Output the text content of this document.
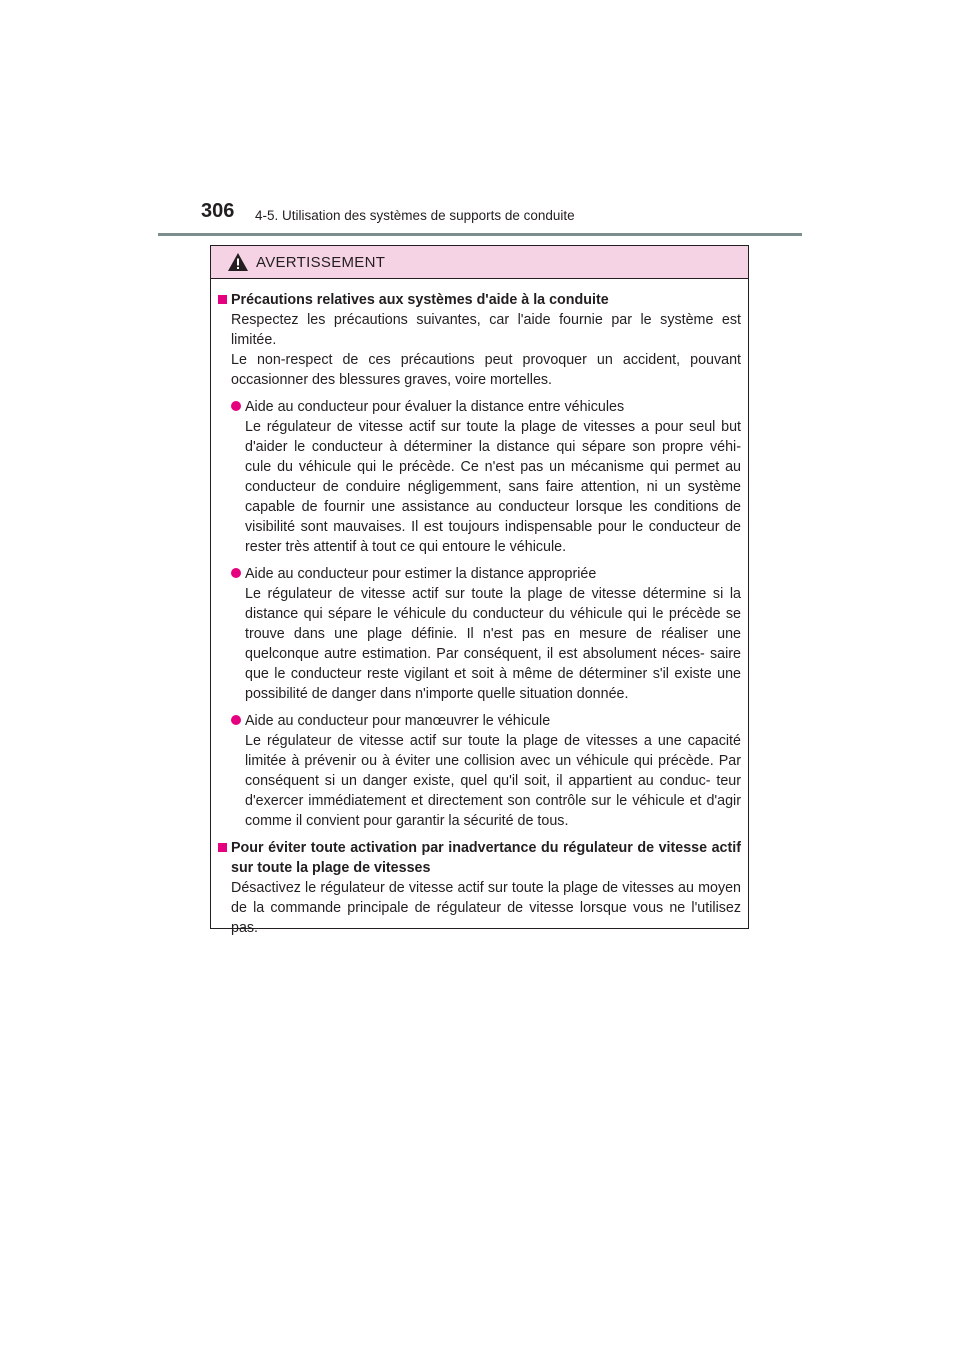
306 4-5. Utilisation des systèmes de supports de conduite
AVERTISSEMENT
Précautions relatives aux systèmes d'aide à la conduite
Respectez les précautions suivantes, car l'aide fournie par le système est limitée.
Le non-respect de ces précautions peut provoquer un accident, pouvant occasionner des blessures graves, voire mortelles.
Aide au conducteur pour évaluer la distance entre véhicules
Le régulateur de vitesse actif sur toute la plage de vitesses a pour seul but d'aider le conducteur à déterminer la distance qui sépare son propre véhi- cule du véhicule qui le précède. Ce n'est pas un mécanisme qui permet au conducteur de conduire négligemment, sans faire attention, ni un système capable de fournir une assistance au conducteur lorsque les conditions de visibilité sont mauvaises. Il est toujours indispensable pour le conducteur de rester très attentif à tout ce qui entoure le véhicule.
Aide au conducteur pour estimer la distance appropriée
Le régulateur de vitesse actif sur toute la plage de vitesse détermine si la distance qui sépare le véhicule du conducteur du véhicule qui le précède se trouve dans une plage définie. Il n'est pas en mesure de réaliser une quelconque autre estimation. Par conséquent, il est absolument néces- saire que le conducteur reste vigilant et soit à même de déterminer s'il existe une possibilité de danger dans n'importe quelle situation donnée.
Aide au conducteur pour manœuvrer le véhicule
Le régulateur de vitesse actif sur toute la plage de vitesses a une capacité limitée à prévenir ou à éviter une collision avec un véhicule qui précède. Par conséquent si un danger existe, quel qu'il soit, il appartient au conduc- teur d'exercer immédiatement et directement son contrôle sur le véhicule et d'agir comme il convient pour garantir la sécurité de tous.
Pour éviter toute activation par inadvertance du régulateur de vitesse actif sur toute la plage de vitesses
Désactivez le régulateur de vitesse actif sur toute la plage de vitesses au moyen de la commande principale de régulateur de vitesse lorsque vous ne l'utilisez pas.
